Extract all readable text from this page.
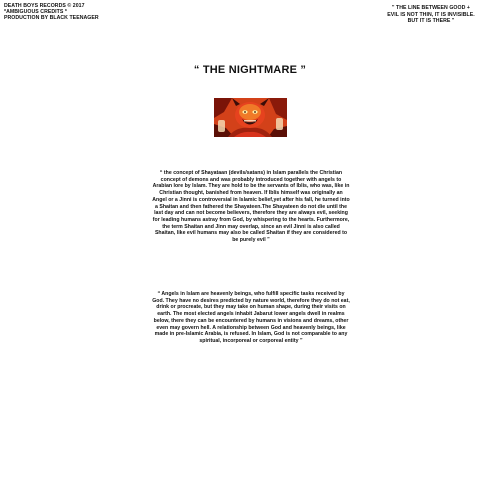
DEATH BOYS RECORDS © 2017
*AMBIGUOUS CREDITS *
PRODUCTION BY BLACK TEENAGER
" THE LINE BETWEEN GOOD +
EVIL IS NOT THIN, IT IS INVISIBLE.
BUT IT IS THERE "
“ THE NIGHTMARE ”
“ the concept of Shayataan (devils/satans) in Islam parallels the Christian concept of demons and was probably introduced together with angels to Arabian lore by Islam. They are hold to be the servants of Iblis, who was, like in Christian thought, banished from heaven. If Iblis himself was originally an Angel or a Jinni is controversial in Islamic belief,yet after his fall, he turned into a Shaitan and then fathered the Shayateen.The Shayateen do not die until the last day and can not become believers, therefore they are always evil, seeking for leading humans astray from God, by whispering to the hearts. Furthermore, the term Shaitan and Jinn may overlap, since an evil Jinni is also called Shaitan, like evil humans may also be called Shaitan if they are considered to be purely evil ”
“ Angels in Islam are heavenly beings, who fulfill specific tasks received by God. They have no desires predicted by nature world, therefore they do not eat, drink or procreate, but they may take on human shape, during their visits on earth. The most elected angels inhabit Jabarut lower angels dwell in realms below, there they can be encountered by humans in visions and dreams, other even may govern hell. A relationship between God and heavenly beings, like made in pre-Islamic Arabia, is refused. In Islam, God is not comparable to any spiritual, incorporeal or corporeal entity ”
